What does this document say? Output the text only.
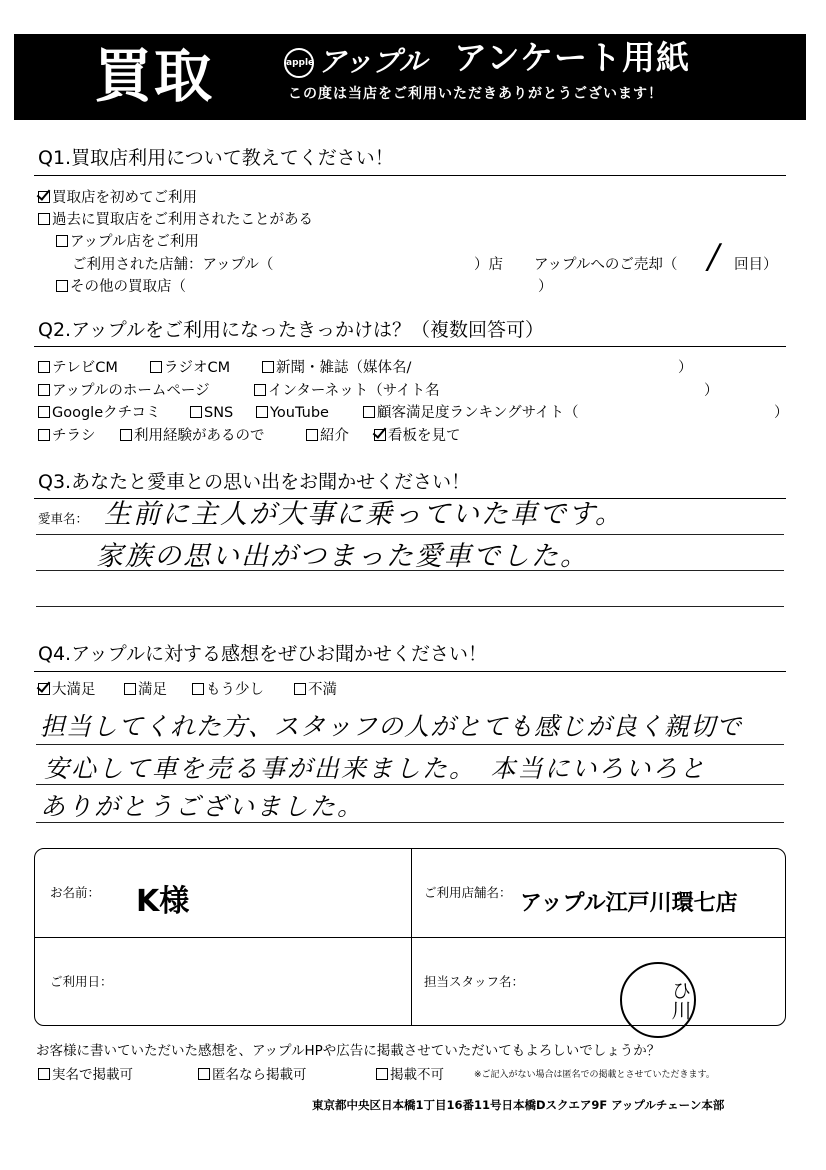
買取	apple アップル アンケート用紙
この度は当店をご利用いただきありがとうございます！
Q1.買取店利用について教えてください！
買取店を初めてご利用
過去に買取店をご利用されたことがある
アップル店をご利用
ご利用された店舗：アップル（	）店 アップルへのご売却（ / 回目）
その他の買取店（	）
Q2.アップルをご利用になったきっかけは？（複数回答可）
テレビCM	ラジオCM	新聞・雑誌（媒体名/	）
アップルのホームページ	インターネット（サイト名	）
Googleクチコミ	SNS	YouTube	顧客満足度ランキングサイト（	）
チラシ	利用経験があるので	紹介	看板を見て
Q3.あなたと愛車との思い出をお聞かせください！
愛車名： 生前に主人が大事に乗っていた車です。
家族の思い出がつまった愛車でした。
Q4.アップルに対する感想をぜひお聞かせください！
大満足	満足	もう少し	不満
担当してくれた方、スタッフの人がとても感じが良く親切で
安心して車を売る事が出来ました。　本当にいろいろと
ありがとうございました。
お名前： K様	ご利用店舗名： アップル江戸川環七店
ご利用日：	担当スタッフ名：	ひ川
お客様に書いていただいた感想を、アップルHPや広告に掲載させていただいてもよろしいでしょうか？
実名で掲載可	匿名なら掲載可	掲載不可	※ご記入がない場合は匿名での掲載とさせていただきます。
東京都中央区日本橋1丁目16番11号日本橋Dスクエア9F アップルチェーン本部
